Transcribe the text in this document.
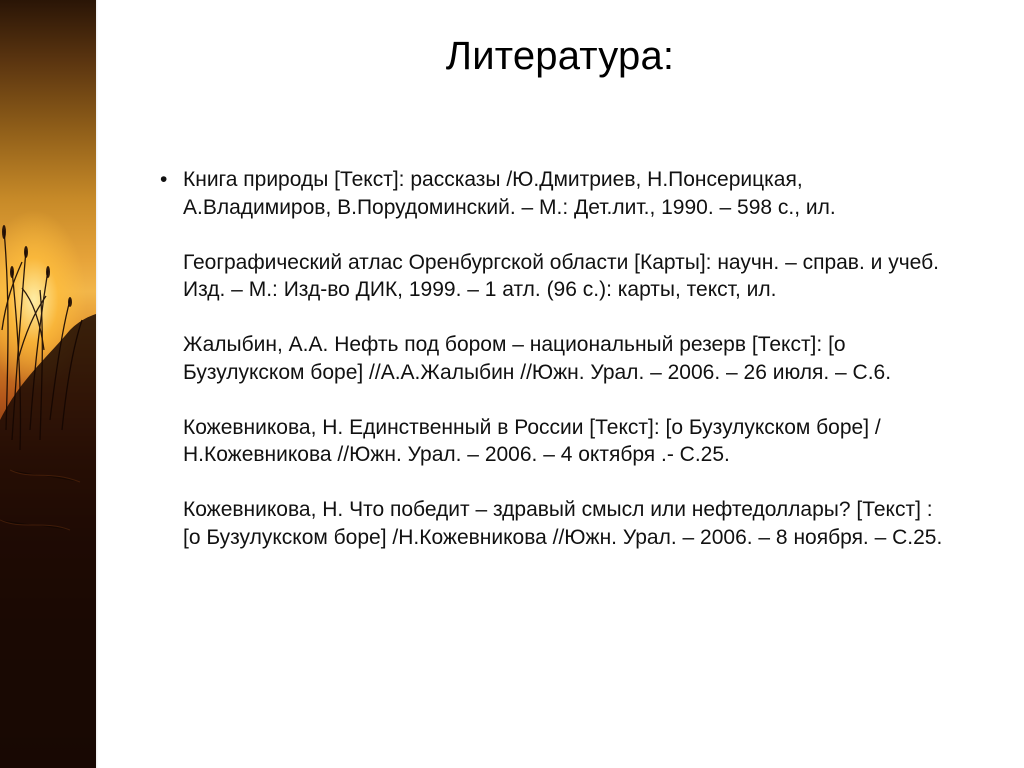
Литература:
• Книга природы [Текст]: рассказы /Ю.Дмитриев, Н.Понсерицкая, А.Владимиров, В.Порудоминский. – М.: Дет.лит., 1990. – 598 с., ил.

Географический атлас Оренбургской области [Карты]: научн. – справ. и учеб. Изд. – М.: Изд-во ДИК, 1999. – 1 атл. (96 с.): карты, текст, ил.

Жалыбин, А.А. Нефть под бором – национальный резерв [Текст]: [о Бузулукском боре] //А.А.Жалыбин //Южн. Урал. – 2006. – 26 июля. – С.6.

Кожевникова, Н. Единственный в России [Текст]: [о Бузулукском боре] /Н.Кожевникова //Южн. Урал. – 2006. – 4 октября .- С.25.

Кожевникова, Н. Что победит – здравый смысл или нефтедоллары? [Текст] : [о Бузулукском боре] /Н.Кожевникова //Южн. Урал. – 2006. – 8 ноября. – С.25.
